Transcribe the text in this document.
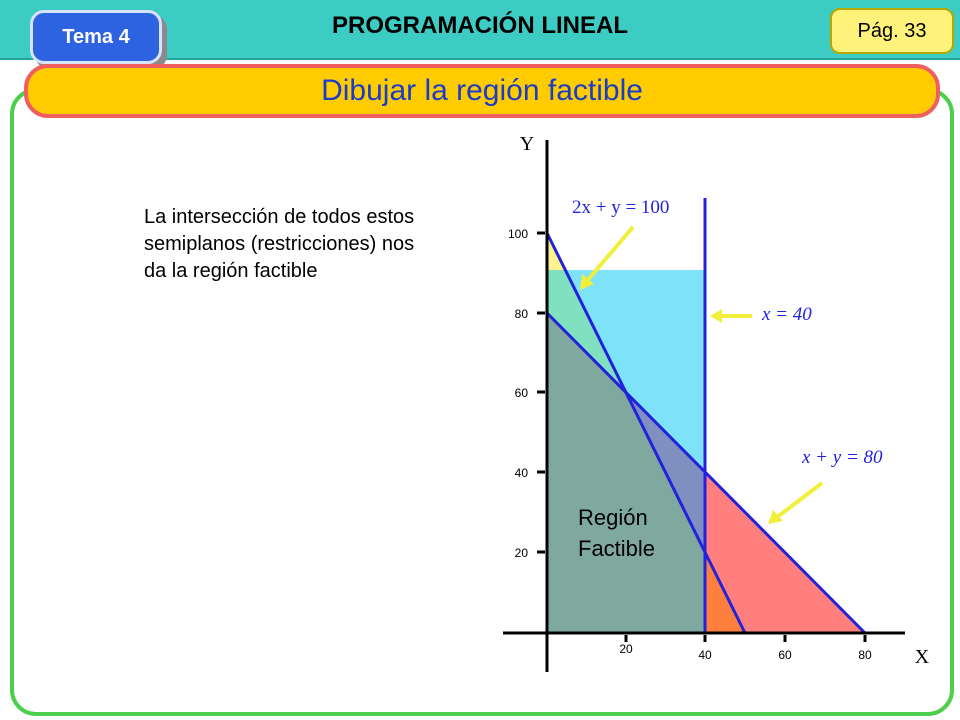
Tema 4	PROGRAMACIÓN LINEAL	Pág. 33
Dibujar la región factible
La intersección de todos estos semiplanos (restricciones) nos da la región factible
20
40
60
80
100
20	40	60	80
Y
X
2x + y = 100
x = 40
x + y = 80
Región
Factible
